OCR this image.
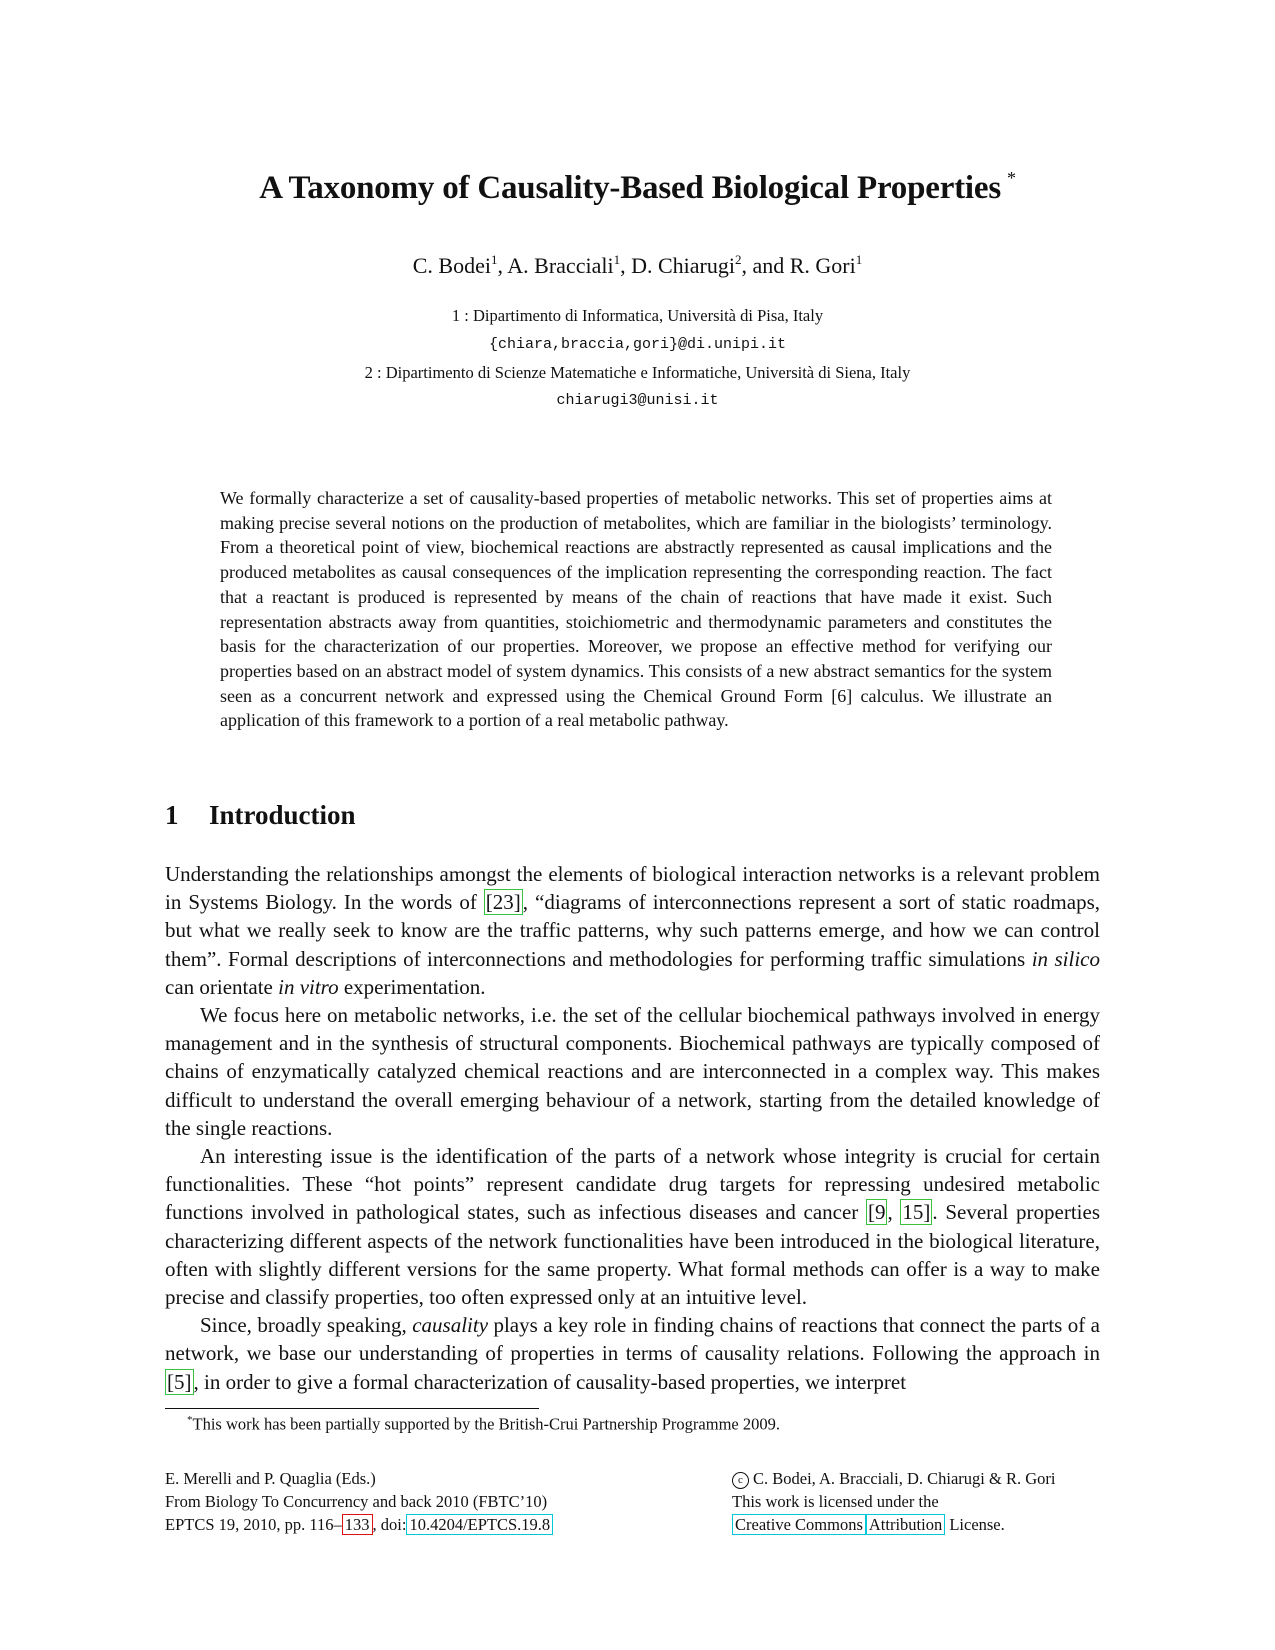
A Taxonomy of Causality-Based Biological Properties *
C. Bodei$^1$, A. Bracciali$^1$, D. Chiarugi$^2$, and R. Gori$^1$
1 : Dipartimento di Informatica, Università di Pisa, Italy
{chiara,braccia,gori}@di.unipi.it
2 : Dipartimento di Scienze Matematiche e Informatiche, Università di Siena, Italy
chiarugi3@unisi.it
We formally characterize a set of causality-based properties of metabolic networks. This set of properties aims at making precise several notions on the production of metabolites, which are familiar in the biologists’ terminology. From a theoretical point of view, biochemical reactions are abstractly represented as causal implications and the produced metabolites as causal consequences of the implication representing the corresponding reaction. The fact that a reactant is produced is represented by means of the chain of reactions that have made it exist. Such representation abstracts away from quantities, stoichiometric and thermodynamic parameters and constitutes the basis for the characterization of our properties. Moreover, we propose an effective method for verifying our properties based on an abstract model of system dynamics. This consists of a new abstract semantics for the system seen as a concurrent network and expressed using the Chemical Ground Form [6] calculus. We illustrate an application of this framework to a portion of a real metabolic pathway.
1 Introduction

Understanding the relationships amongst the elements of biological interaction networks is a relevant problem in Systems Biology. In the words of [23], “diagrams of interconnections represent a sort of static roadmaps, but what we really seek to know are the traffic patterns, why such patterns emerge, and how we can control them”. Formal descriptions of interconnections and methodologies for performing traffic simulations in silico can orientate in vitro experimentation.

We focus here on metabolic networks, i.e. the set of the cellular biochemical pathways involved in energy management and in the synthesis of structural components. Biochemical pathways are typically composed of chains of enzymatically catalyzed chemical reactions and are interconnected in a complex way. This makes difficult to understand the overall emerging behaviour of a network, starting from the detailed knowledge of the single reactions.

An interesting issue is the identification of the parts of a network whose integrity is crucial for certain functionalities. These “hot points” represent candidate drug targets for repressing undesired metabolic functions involved in pathological states, such as infectious diseases and cancer [9, 15]. Several properties characterizing different aspects of the network functionalities have been introduced in the biological literature, often with slightly different versions for the same property. What formal methods can offer is a way to make precise and classify properties, too often expressed only at an intuitive level.

Since, broadly speaking, causality plays a key role in finding chains of reactions that connect the parts of a network, we base our understanding of properties in terms of causality relations. Following the approach in [5], in order to give a formal characterization of causality-based properties, we interpret

*This work has been partially supported by the British-Crui Partnership Programme 2009.
E. Merelli and P. Quaglia (Eds.)
From Biology To Concurrency and back 2010 (FBTC’10)
EPTCS 19, 2010, pp. 116– 133 , doi: 10.4204/EPTCS.19.8
c C. Bodei, A. Bracciali, D. Chiarugi & R. Gori
This work is licensed under the
Creative Commons Attribution License.
